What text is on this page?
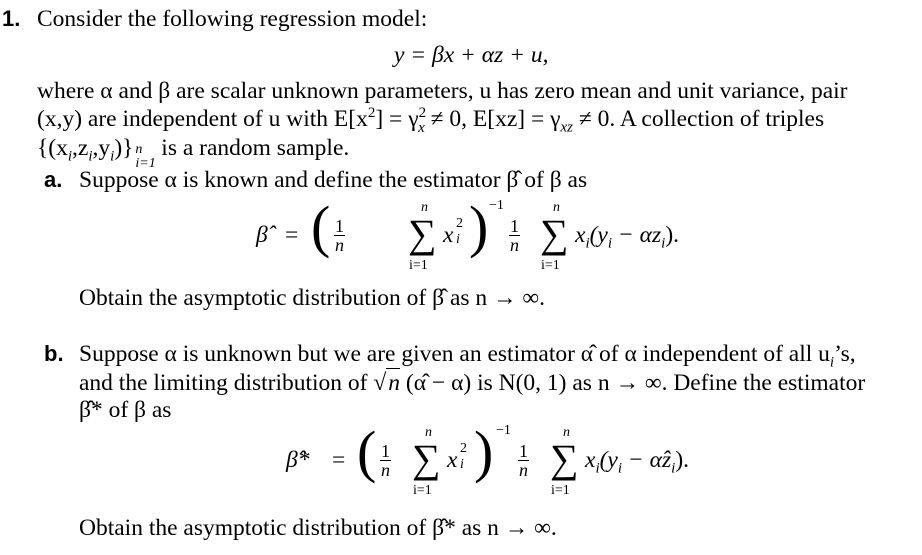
1. Consider the following regression model:
y = βx + αz + u,
where α and β are scalar unknown parameters, u has zero mean and unit variance, pair
(x,y) are independent of u with $E[x^2] = \gamma^2_x \ne 0$, $E[xz] = \gamma_{xz} \ne 0$. A collection of triples
$\{(x_i,z_i,y_i)\}$ n
i=1
is a random sample.
a. Suppose α is known and define the estimator β̂ of β as
β̂ = ( $\frac{1}{n}$
n
∑
i=1
x 2
i ) −1
$\frac{1}{n}$
n
∑
i=1
$x_i(y_i - \alpha z_i)$.
Obtain the asymptotic distribution of β̂ as n → ∞.
b. Suppose α is unknown but we are given an estimator α̂ of α independent of all $u_i’s$,
and the limiting distribution of √n (α̂ − α) is N(0, 1) as n → ∞. Define the estimator
β̂* of β as
β̂* = ( $\frac{1}{n}$
n
∑
i=1
x 2
i ) −1
$\frac{1}{n}$
n
∑
i=1
$x_i(y_i$ − $\alphâz_i$).
Obtain the asymptotic distribution of β̂* as n → ∞.
